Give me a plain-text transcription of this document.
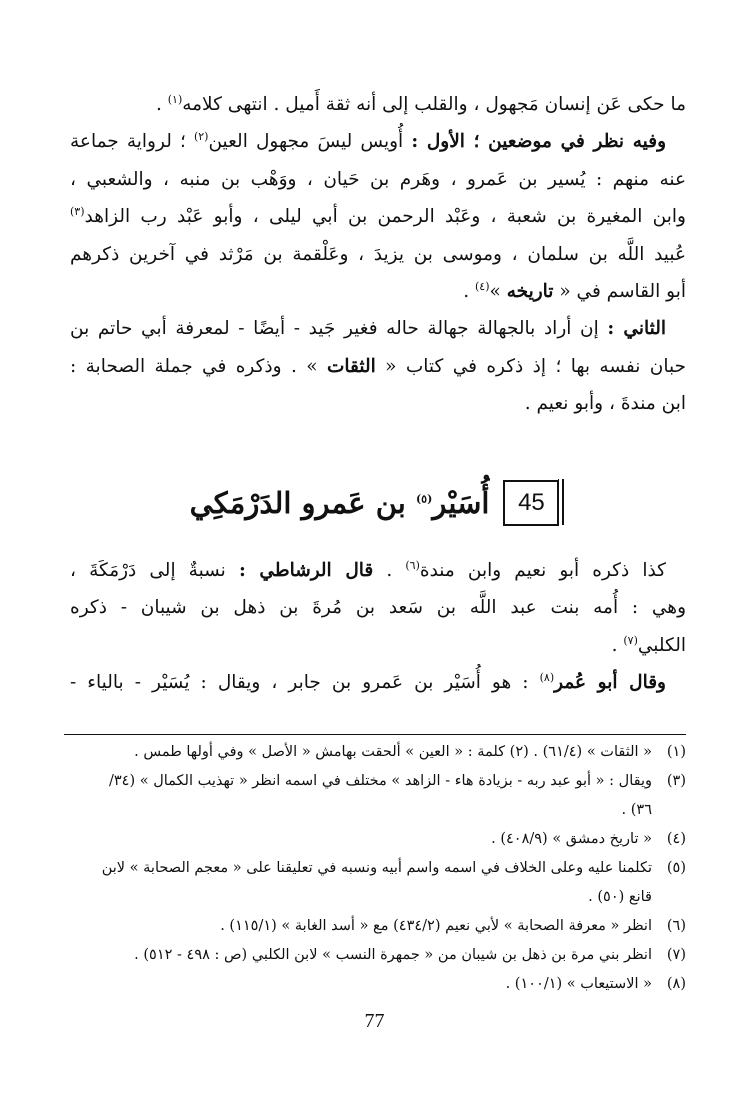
ما حكى عَن إنسان مَجهول ، والقلب إلى أنه ثقة أَميل . انتهى كلامه$^{(١)}$ .
وفيه نظر في موضعين ؛ الأول : أُويس ليسَ مجهول العين$^{(٢)}$ ؛ لرواية جماعة
عنه منهم : يُسير بن عَمرو ، وهَرم بن حَيان ، ووَهْب بن منبه ، والشعبي ،
وابن المغيرة بن شعبة ، وعَبْد الرحمن بن أبي ليلى ، وأبو عَبْد رب الزاهد$^{(٣)}$
عُبيد اللَّه بن سلمان ، وموسى بن يزيدَ ، وعَلْقمة بن مَرْثد في آخرين ذكرهم
أبو القاسم في « تاريخه »$^{(٤)}$ .
الثاني : إن أراد بالجهالة جهالة حاله فغير جَيد - أيضًا - لمعرفة أبي حاتم بن
حبان نفسه بها ؛ إذ ذكره في كتاب « الثقات » . وذكره في جملة الصحابة :
ابن مندةَ ، وأبو نعيم .
45
أُسَيْر$^{(٥)}$ بن عَمرو الدَرْمَكِي
كذا ذكره أبو نعيم وابن مندة$^{(٦)}$ . قال الرشاطي : نسبةٌ إلى دَرْمَكَةَ ،
وهي : أُمه بنت عبد اللَّه بن سَعد بن مُرةَ بن ذهل بن شيبان - ذكره
الكلبي$^{(٧)}$ .
وقال أبو عُمر$^{(٨)}$ : هو أُسَيْر بن عَمرو بن جابر ، ويقال : يُسَيْر - بالياء -
(١)
« الثقات » (٦١/٤) . (٢) كلمة : « العين » ألحقت بهامش « الأصل » وفي أولها طمس .
(٣)
ويقال : « أبو عبد ربه - بزيادة هاء - الزاهد » مختلف في اسمه انظر « تهذيب الكمال » (٣٤/
٣٦) .
(٤)
« تاريخ دمشق » (٤٠٨/٩) .
(٥)
تكلمنا عليه وعلى الخلاف في اسمه واسم أبيه ونسبه في تعليقنا على « معجم الصحابة » لابن
قانع (٥٠) .
(٦)
انظر « معرفة الصحابة » لأبي نعيم (٤٣٤/٢) مع « أسد الغابة » (١١٥/١) .
(٧)
انظر بني مرة بن ذهل بن شيبان من « جمهرة النسب » لابن الكلبي (ص : ٤٩٨ - ٥١٢) .
(٨)
« الاستيعاب » (١٠٠/١) .
77
